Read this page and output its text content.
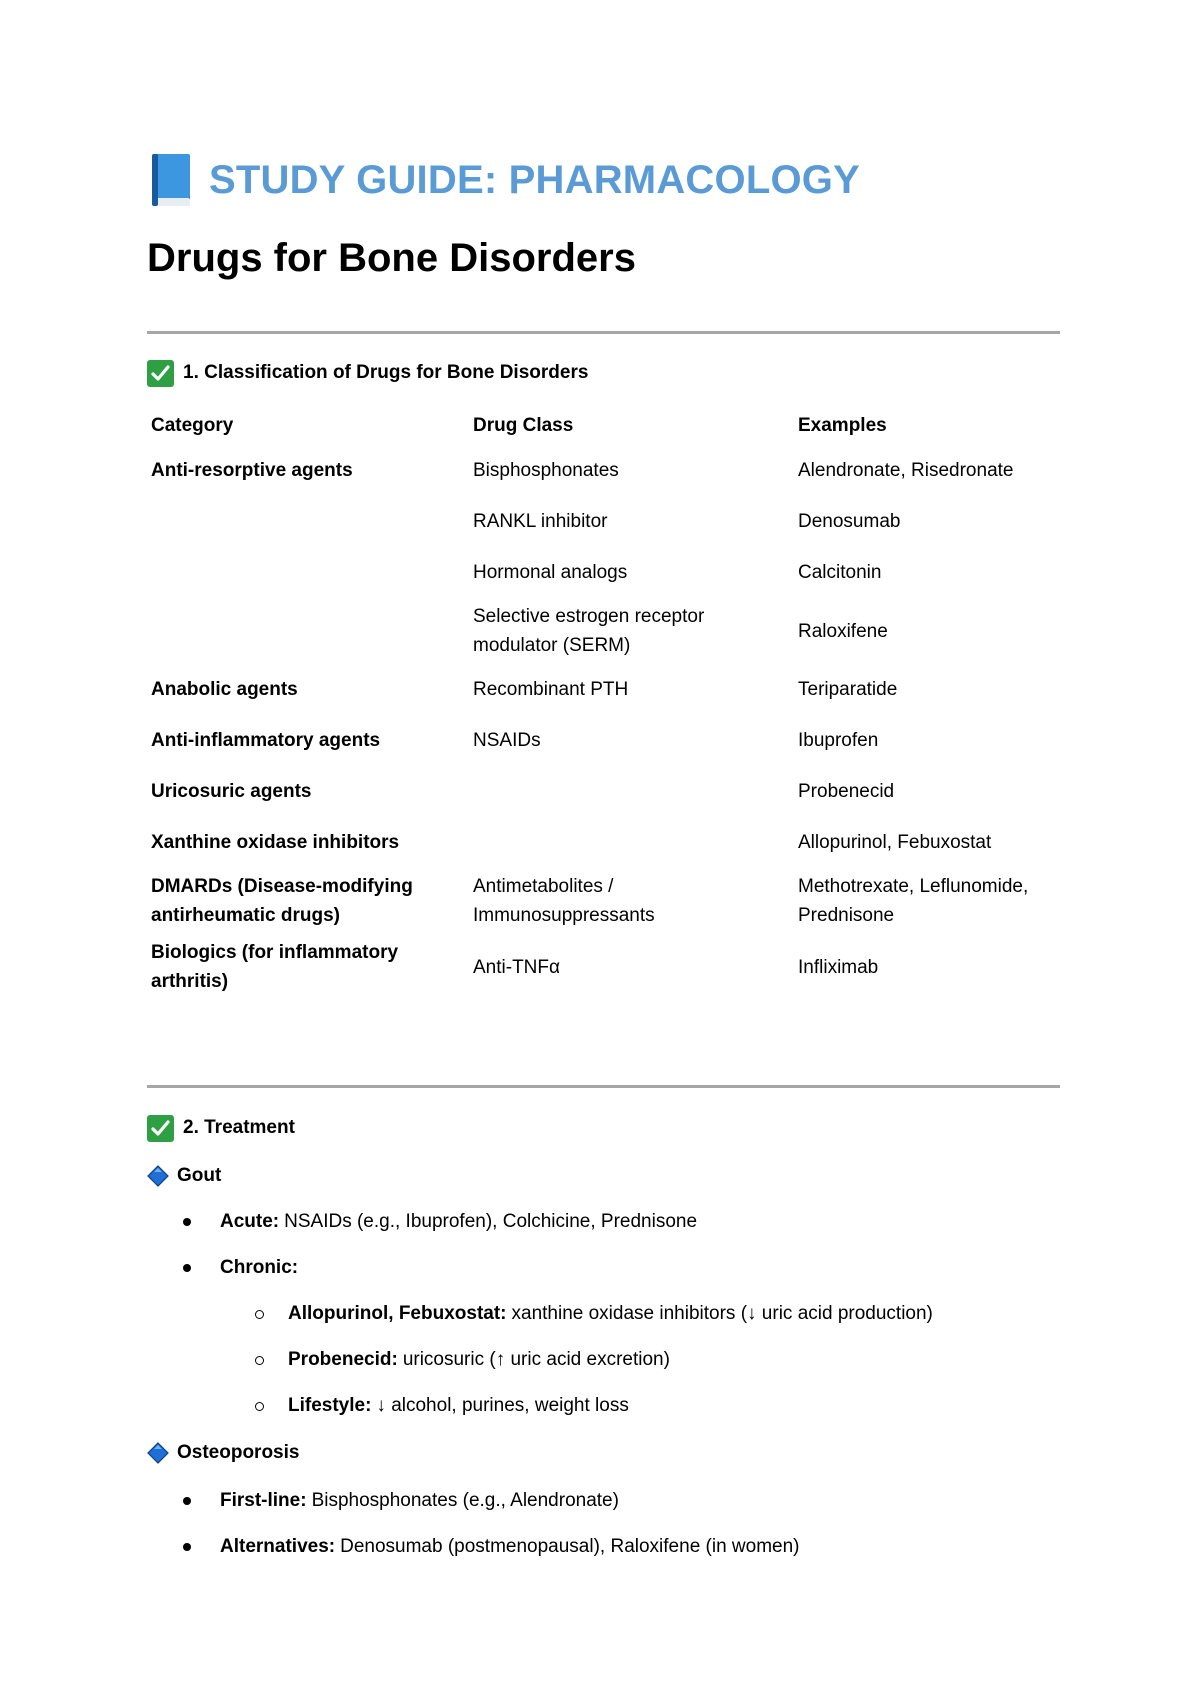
STUDY GUIDE: PHARMACOLOGY
Drugs for Bone Disorders
1. Classification of Drugs for Bone Disorders
Category	Drug Class	Examples
Anti-resorptive agents	Bisphosphonates	Alendronate, Risedronate
	RANKL inhibitor	Denosumab
	Hormonal analogs	Calcitonin
	Selective estrogen receptor modulator (SERM)	Raloxifene
Anabolic agents	Recombinant PTH	Teriparatide
Anti-inflammatory agents	NSAIDs	Ibuprofen
Uricosuric agents		Probenecid
Xanthine oxidase inhibitors		Allopurinol, Febuxostat
DMARDs (Disease-modifying antirheumatic drugs)	Antimetabolites / Immunosuppressants	Methotrexate, Leflunomide, Prednisone
Biologics (for inflammatory arthritis)	Anti-TNFα	Infliximab
2. Treatment
Gout
Acute: NSAIDs (e.g., Ibuprofen), Colchicine, Prednisone
Chronic:
Allopurinol, Febuxostat: xanthine oxidase inhibitors (↓ uric acid production)
Probenecid: uricosuric (↑ uric acid excretion)
Lifestyle: ↓ alcohol, purines, weight loss
Osteoporosis
First-line: Bisphosphonates (e.g., Alendronate)
Alternatives: Denosumab (postmenopausal), Raloxifene (in women)
